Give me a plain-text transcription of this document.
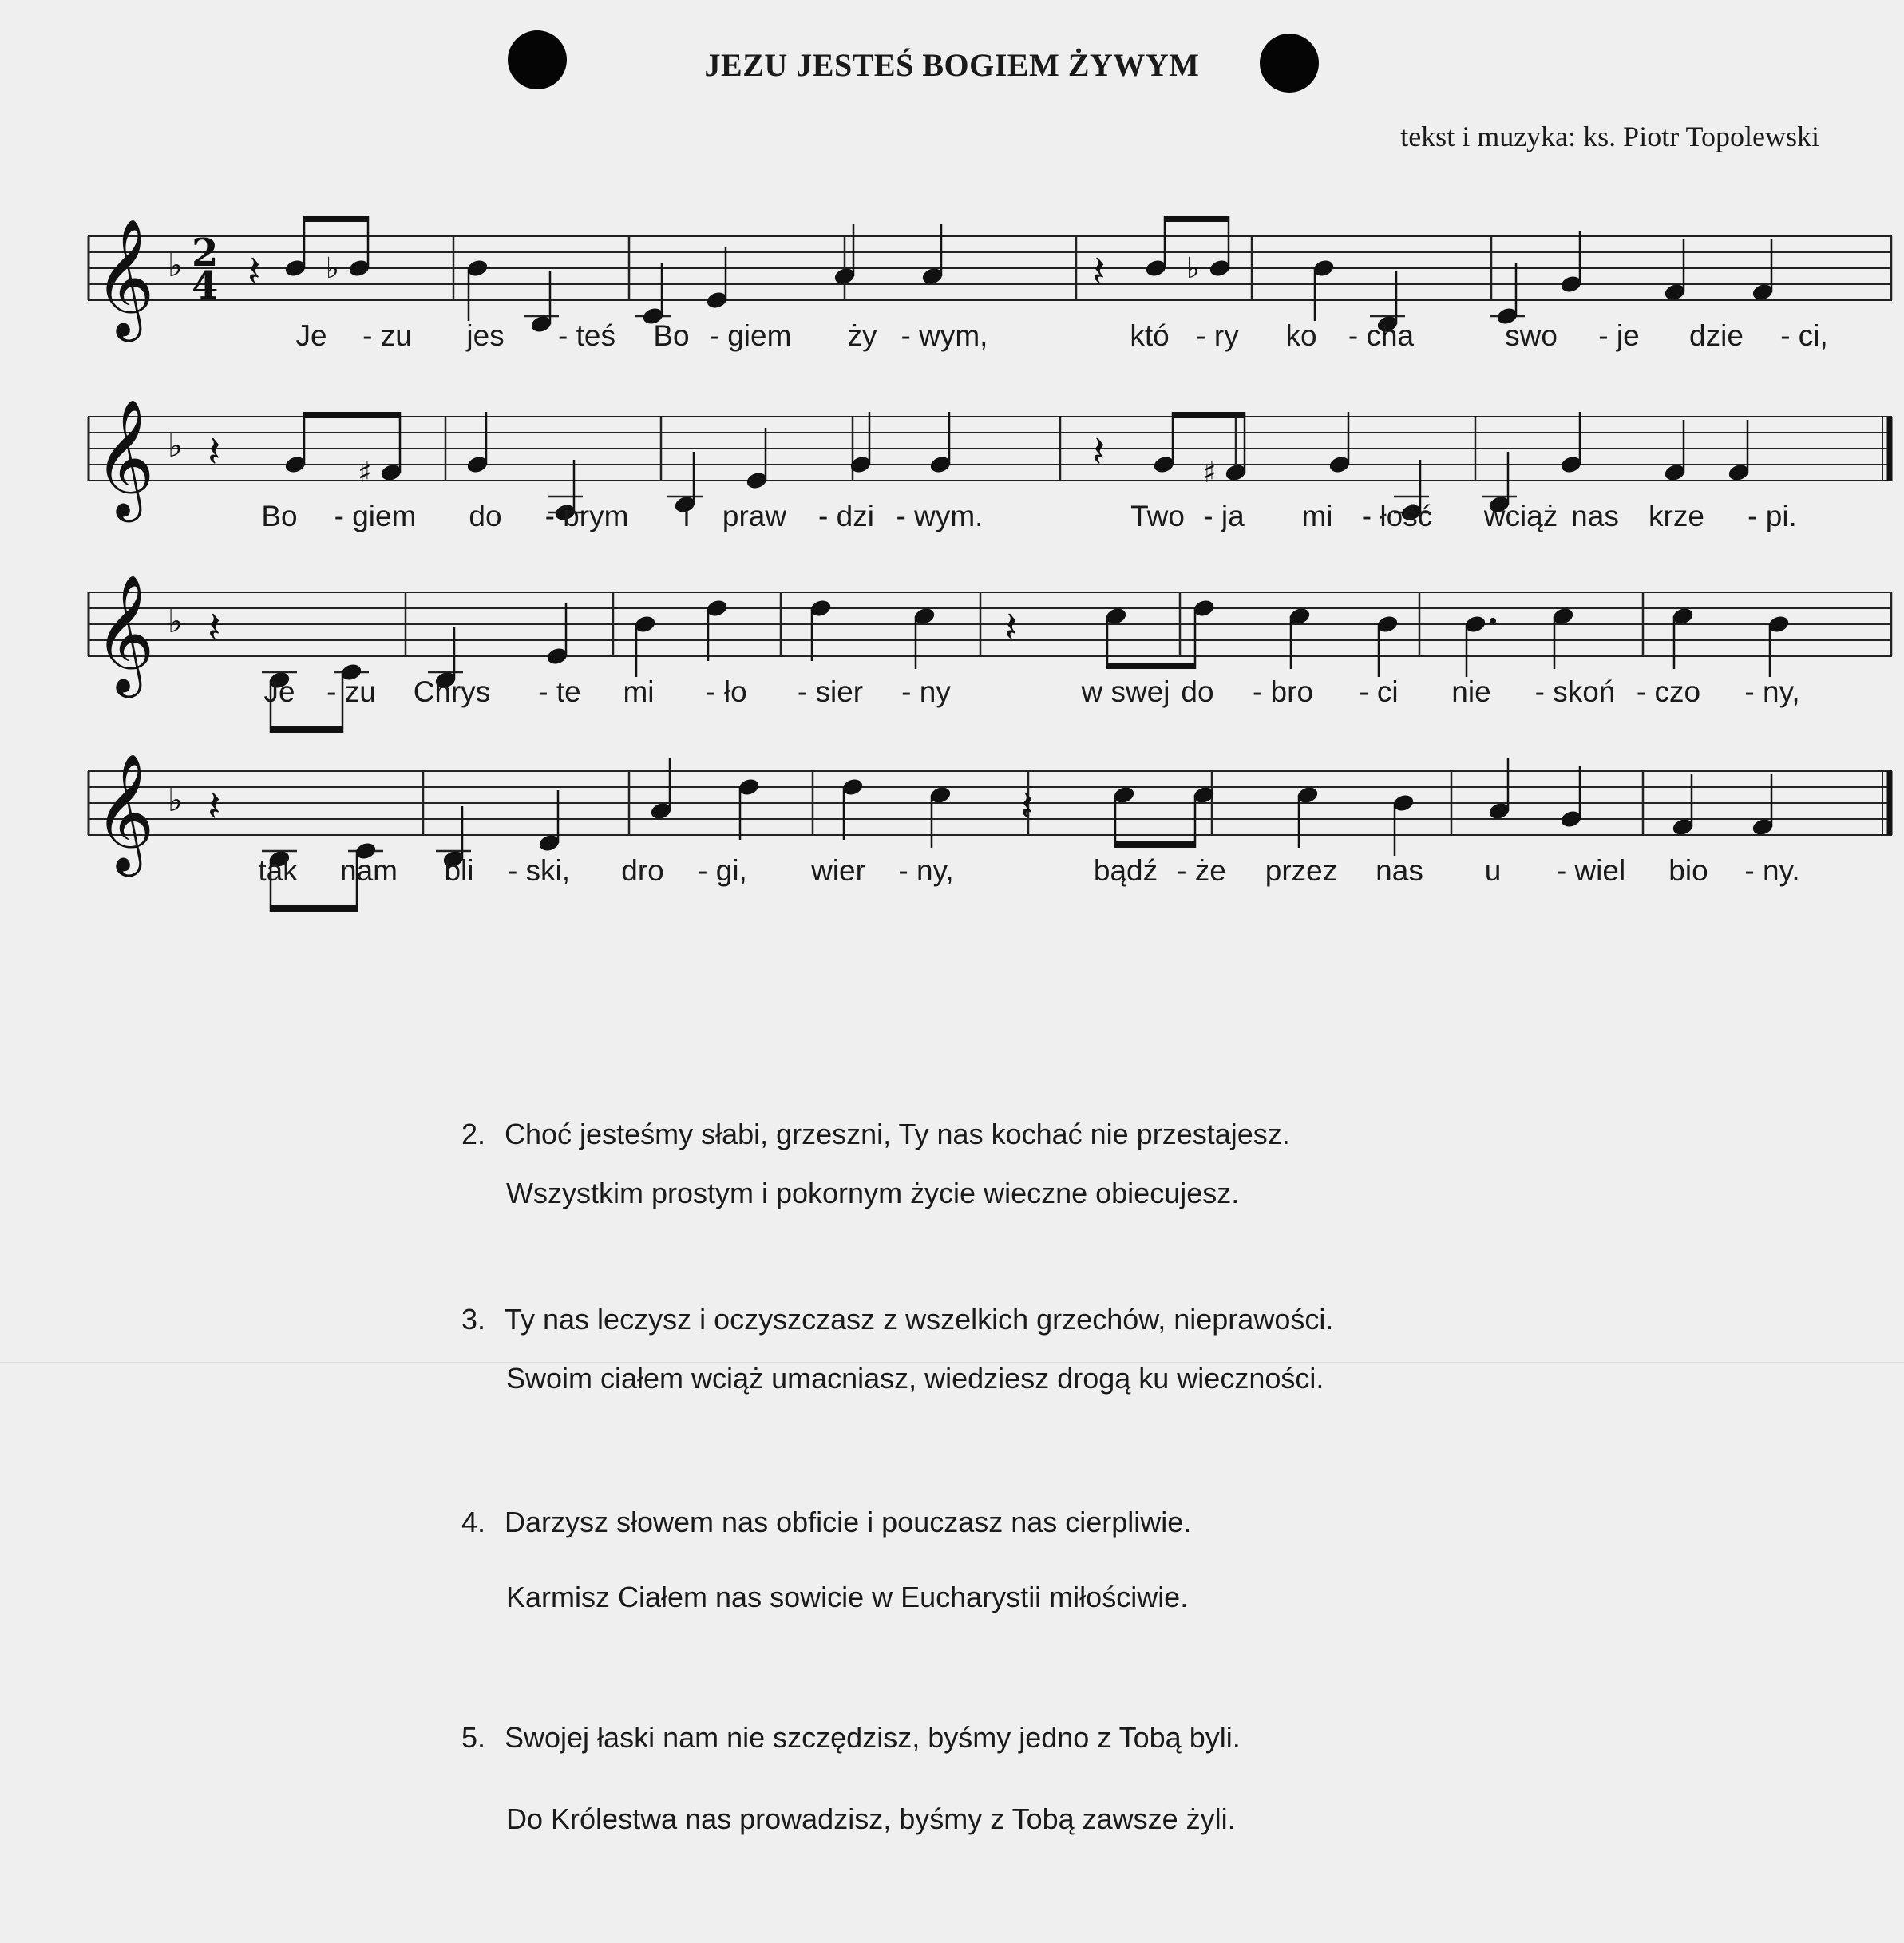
JEZU JESTEŚ BOGIEM ŻYWYM
tekst i muzyka: ks. Piotr Topolewski
𝄞 ♭ 2
4 𝄽	𝄽
♭	♭
Je - zu jes - teś Bo - giem ży - wym,	któ - ry ko - cha	swo - je dzie - ci,
𝄞 ♭ 𝄽	𝄽
♯	♯
Bo - giem do - brym i praw - dzi - wym.	Two - ja mi - łość wciąż nas krze - pi.
𝄞 ♭ 𝄽	𝄽
Je - zu Chrys - te mi - ło - sier - ny	w swej do - bro - ci nie - skoń - czo - ny,
𝄞 ♭ 𝄽	𝄽
tak nam bli - ski, dro - gi, wier - ny,	bądź - że przez nas u - wiel bio - ny.
2. Choć jesteśmy słabi, grzeszni, Ty nas kochać nie przestajesz.
Wszystkim prostym i pokornym życie wieczne obiecujesz.
3. Ty nas leczysz i oczyszczasz z wszelkich grzechów, nieprawości.
Swoim ciałem wciąż umacniasz, wiedziesz drogą ku wieczności.
4. Darzysz słowem nas obficie i pouczasz nas cierpliwie.
Karmisz Ciałem nas sowicie w Eucharystii miłościwie.
5. Swojej łaski nam nie szczędzisz, byśmy jedno z Tobą byli.
Do Królestwa nas prowadzisz, byśmy z Tobą zawsze żyli.
